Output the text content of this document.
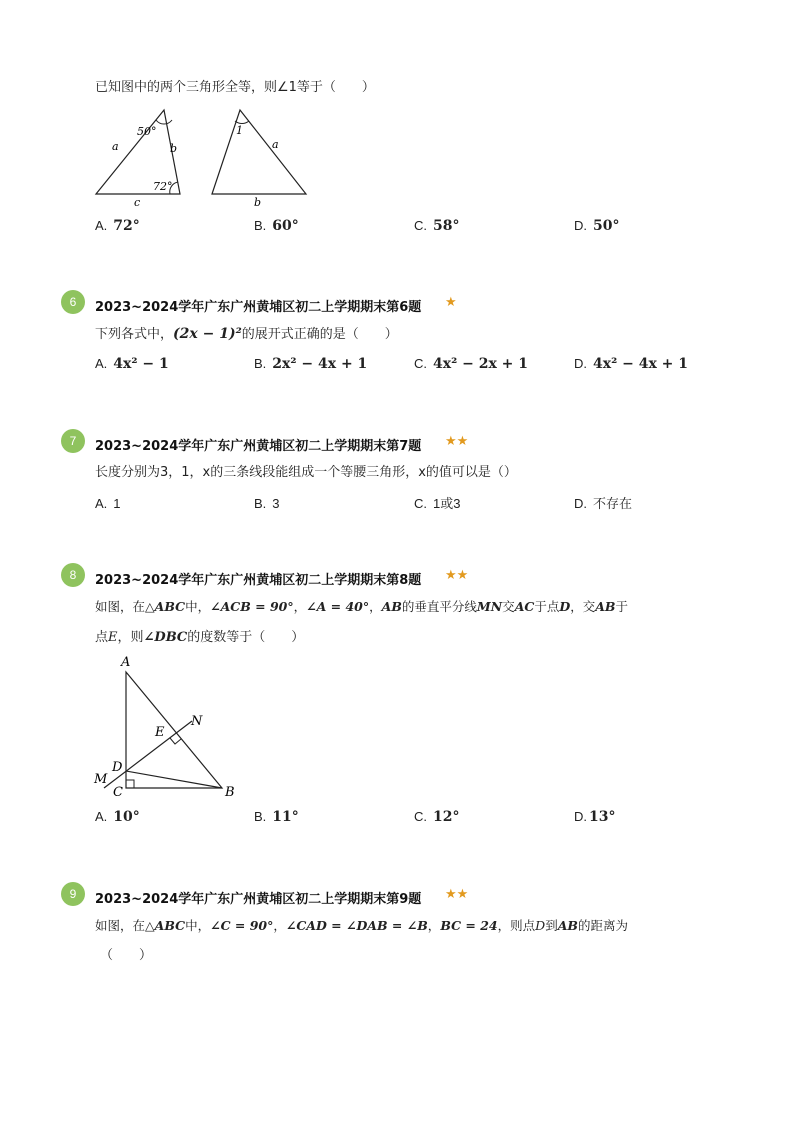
已知图中的两个三角形全等，则∠1等于（　　）
50°
72°
a	b
c
1
a
b
A. 72°	B. 60°	C. 58°	D. 50°
6	2023~2024学年广东广州黄埔区初二上学期期末第6题 ★
下列各式中，(2x − 1)²的展开式正确的是（　　）
A. 4x² − 1	B. 2x² − 4x + 1	C. 4x² − 2x + 1	D. 4x² − 4x + 1
7	2023~2024学年广东广州黄埔区初二上学期期末第7题 ★★
长度分别为3，1，x的三条线段能组成一个等腰三角形，x的值可以是（）
A. 1	B. 3	C. 1或3	D. 不存在
8	2023~2024学年广东广州黄埔区初二上学期期末第8题 ★★
如图，在△ABC中，∠ACB = 90°，∠A = 40°，AB的垂直平分线MN交AC于点D，交AB于
点E，则∠DBC的度数等于（　　）
A
B
C
D
E
M
N
A. 10°	B. 11°	C. 12°	D. 13°
9	2023~2024学年广东广州黄埔区初二上学期期末第9题 ★★
如图，在△ABC中，∠C = 90°，∠CAD = ∠DAB = ∠B，BC = 24，则点D到AB的距离为
（　　）
